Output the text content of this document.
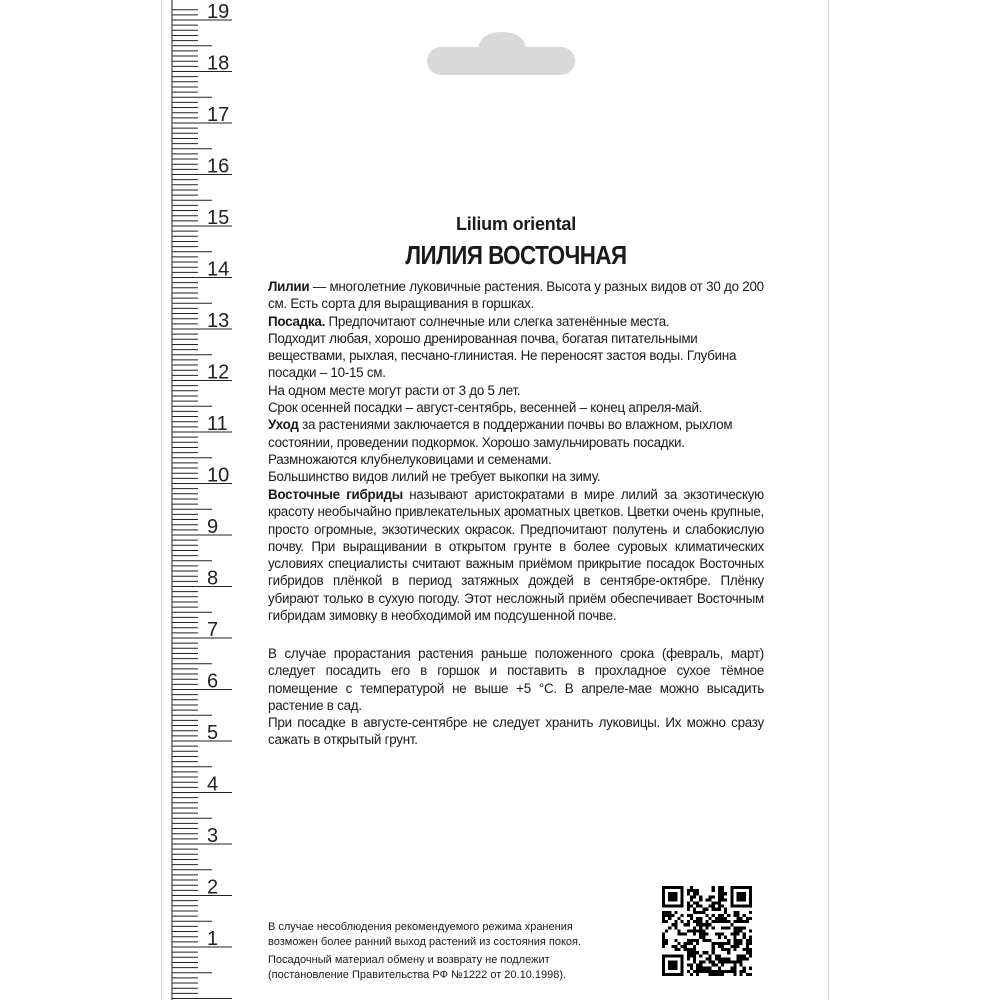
19
18
17
16
15
14
13
12
11
10
9
8
7
6
5
4
3
2
1
Lilium oriental
ЛИЛИЯ ВОСТОЧНАЯ

Лилии — многолетние луковичные растения. Высота у разных видов от 30 до 200 см. Есть сорта для выращивания в горшках.

Посадка. Предпочитают солнечные или слегка затенённые места.

Подходит любая, хорошо дренированная почва, богатая питательными веществами, рыхлая, песчано-глинистая. Не переносят застоя воды. Глубина посадки – 10-15 см.

На одном месте могут расти от 3 до 5 лет.

Срок осенней посадки – август-сентябрь, весенней – конец апреля-май.

Уход за растениями заключается в поддержании почвы во влажном, рыхлом состоянии, проведении подкормок. Хорошо замульчировать посадки.

Размножаются клубнелуковицами и семенами.

Большинство видов лилий не требует выкопки на зиму.

Восточные гибриды называют аристократами в мире лилий за экзотическую красоту необычайно привлекательных ароматных цветков. Цветки очень крупные, просто огромные, экзотических окрасок. Предпочитают полутень и слабокислую почву. При выращивании в открытом грунте в более суровых климатических условиях специалисты считают важным приёмом прикрытие посадок Восточных гибридов плёнкой в период затяжных дождей в сентябре-октябре. Плёнку убирают только в сухую погоду. Этот несложный приём обеспечивает Восточным гибридам зимовку в необходимой им подсушенной почве.

В случае прорастания растения раньше положенного срока (февраль, март) следует посадить его в горшок и поставить в прохладное сухое тёмное помещение с температурой не выше +5 °С. В апреле-мае можно высадить растение в сад.

При посадке в августе-сентябре не следует хранить луковицы. Их можно сразу сажать в открытый грунт.

В случае несоблюдения рекомендуемого режима хранения возможен более ранний выход растений из состояния покоя.
Посадочный материал обмену и возврату не подлежит (постановление Правительства РФ №1222 от 20.10.1998).
